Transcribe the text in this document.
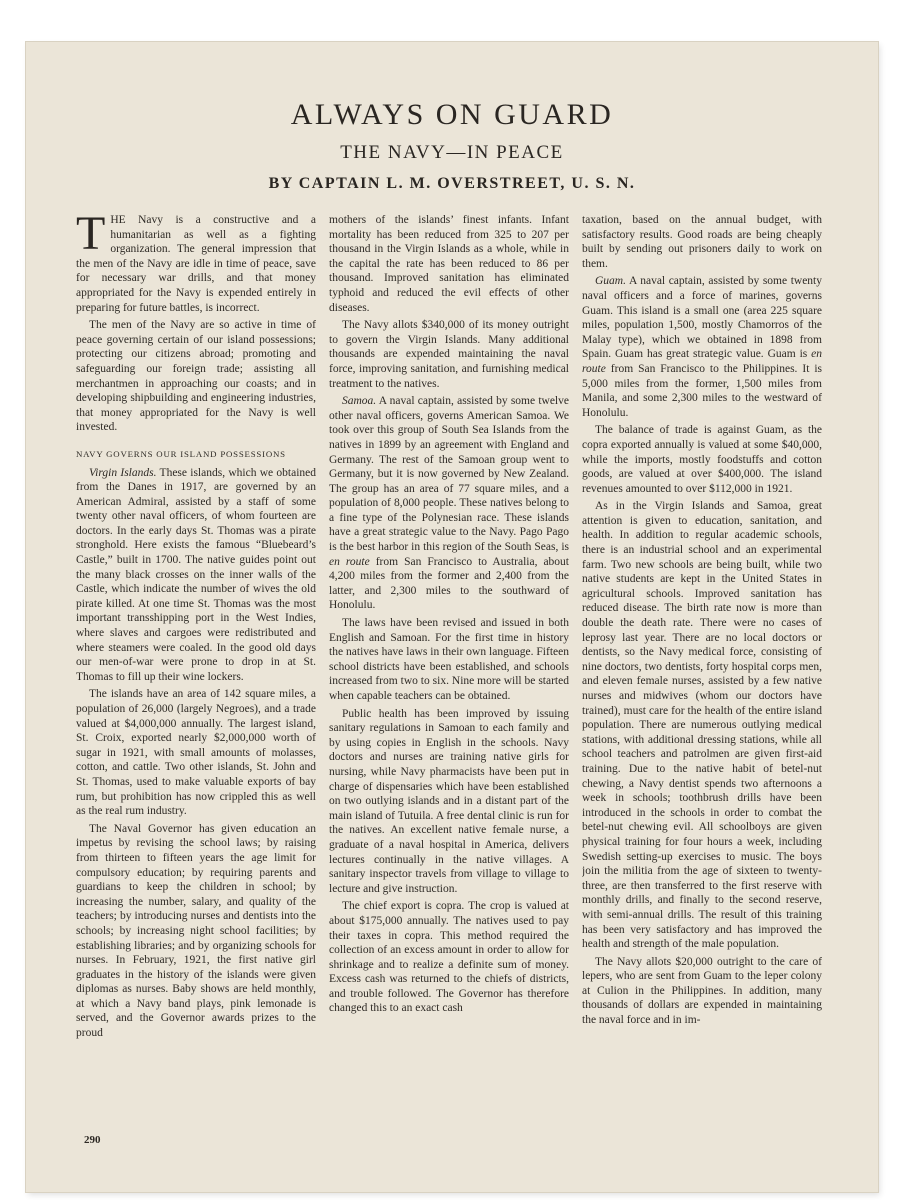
ALWAYS ON GUARD
THE NAVY—IN PEACE
BY CAPTAIN L. M. OVERSTREET, U. S. N.

THE Navy is a constructive and a humanitarian as well as a fighting organization. The general impression that the men of the Navy are idle in time of peace, save for necessary war drills, and that money appropriated for the Navy is expended entirely in preparing for future battles, is incorrect.

The men of the Navy are so active in time of peace governing certain of our island possessions; protecting our citizens abroad; promoting and safeguarding our foreign trade; assisting all merchantmen in approaching our coasts; and in developing shipbuilding and engineering industries, that money appropriated for the Navy is well invested.

NAVY GOVERNS OUR ISLAND POSSESSIONS

Virgin Islands. These islands, which we obtained from the Danes in 1917, are governed by an American Admiral, assisted by a staff of some twenty other naval officers, of whom fourteen are doctors. In the early days St. Thomas was a pirate stronghold. Here exists the famous “Bluebeard’s Castle,” built in 1700. The native guides point out the many black crosses on the inner walls of the Castle, which indicate the number of wives the old pirate killed. At one time St. Thomas was the most important transshipping port in the West Indies, where slaves and cargoes were redistributed and where steamers were coaled. In the good old days our men-of-war were prone to drop in at St. Thomas to fill up their wine lockers.

The islands have an area of 142 square miles, a population of 26,000 (largely Negroes), and a trade valued at $4,000,000 annually. The largest island, St. Croix, exported nearly $2,000,000 worth of sugar in 1921, with small amounts of molasses, cotton, and cattle. Two other islands, St. John and St. Thomas, used to make valuable exports of bay rum, but prohibition has now crippled this as well as the real rum industry.

The Naval Governor has given education an impetus by revising the school laws; by raising from thirteen to fifteen years the age limit for compulsory education; by requiring parents and guardians to keep the children in school; by increasing the number, salary, and quality of the teachers; by introducing nurses and dentists into the schools; by increasing night school facilities; by establishing libraries; and by organizing schools for nurses. In February, 1921, the first native girl graduates in the history of the islands were given diplomas as nurses. Baby shows are held monthly, at which a Navy band plays, pink lemonade is served, and the Governor awards prizes to the proud

mothers of the islands’ finest infants. Infant mortality has been reduced from 325 to 207 per thousand in the Virgin Islands as a whole, while in the capital the rate has been reduced to 86 per thousand. Improved sanitation has eliminated typhoid and reduced the evil effects of other diseases.

The Navy allots $340,000 of its money outright to govern the Virgin Islands. Many additional thousands are expended maintaining the naval force, improving sanitation, and furnishing medical treatment to the natives.

Samoa. A naval captain, assisted by some twelve other naval officers, governs American Samoa. We took over this group of South Sea Islands from the natives in 1899 by an agreement with England and Germany. The rest of the Samoan group went to Germany, but it is now governed by New Zealand. The group has an area of 77 square miles, and a population of 8,000 people. These natives belong to a fine type of the Polynesian race. These islands have a great strategic value to the Navy. Pago Pago is the best harbor in this region of the South Seas, is en route from San Francisco to Australia, about 4,200 miles from the former and 2,400 from the latter, and 2,300 miles to the southward of Honolulu.

The laws have been revised and issued in both English and Samoan. For the first time in history the natives have laws in their own language. Fifteen school districts have been established, and schools increased from two to six. Nine more will be started when capable teachers can be obtained.

Public health has been improved by issuing sanitary regulations in Samoan to each family and by using copies in English in the schools. Navy doctors and nurses are training native girls for nursing, while Navy pharmacists have been put in charge of dispensaries which have been established on two outlying islands and in a distant part of the main island of Tutuila. A free dental clinic is run for the natives. An excellent native female nurse, a graduate of a naval hospital in America, delivers lectures continually in the native villages. A sanitary inspector travels from village to village to lecture and give instruction.

The chief export is copra. The crop is valued at about $175,000 annually. The natives used to pay their taxes in copra. This method required the collection of an excess amount in order to allow for shrinkage and to realize a definite sum of money. Excess cash was returned to the chiefs of districts, and trouble followed. The Governor has therefore changed this to an exact cash

taxation, based on the annual budget, with satisfactory results. Good roads are being cheaply built by sending out prisoners daily to work on them.

Guam. A naval captain, assisted by some twenty naval officers and a force of marines, governs Guam. This island is a small one (area 225 square miles, population 1,500, mostly Chamorros of the Malay type), which we obtained in 1898 from Spain. Guam has great strategic value. Guam is en route from San Francisco to the Philippines. It is 5,000 miles from the former, 1,500 miles from Manila, and some 2,300 miles to the westward of Honolulu.

The balance of trade is against Guam, as the copra exported annually is valued at some $40,000, while the imports, mostly foodstuffs and cotton goods, are valued at over $400,000. The island revenues amounted to over $112,000 in 1921.

As in the Virgin Islands and Samoa, great attention is given to education, sanitation, and health. In addition to regular academic schools, there is an industrial school and an experimental farm. Two new schools are being built, while two native students are kept in the United States in agricultural schools. Improved sanitation has reduced disease. The birth rate now is more than double the death rate. There were no cases of leprosy last year. There are no local doctors or dentists, so the Navy medical force, consisting of nine doctors, two dentists, forty hospital corps men, and eleven female nurses, assisted by a few native nurses and midwives (whom our doctors have trained), must care for the health of the entire island population. There are numerous outlying medical stations, with additional dressing stations, while all school teachers and patrolmen are given first-aid training. Due to the native habit of betel-nut chewing, a Navy dentist spends two afternoons a week in schools; toothbrush drills have been introduced in the schools in order to combat the betel-nut chewing evil. All schoolboys are given physical training for four hours a week, including Swedish setting-up exercises to music. The boys join the militia from the age of sixteen to twenty-three, are then transferred to the first reserve with monthly drills, and finally to the second reserve, with semi-annual drills. The result of this training has been very satisfactory and has improved the health and strength of the male population.

The Navy allots $20,000 outright to the care of lepers, who are sent from Guam to the leper colony at Culion in the Philippines. In addition, many thousands of dollars are expended in maintaining the naval force and in im-

290
